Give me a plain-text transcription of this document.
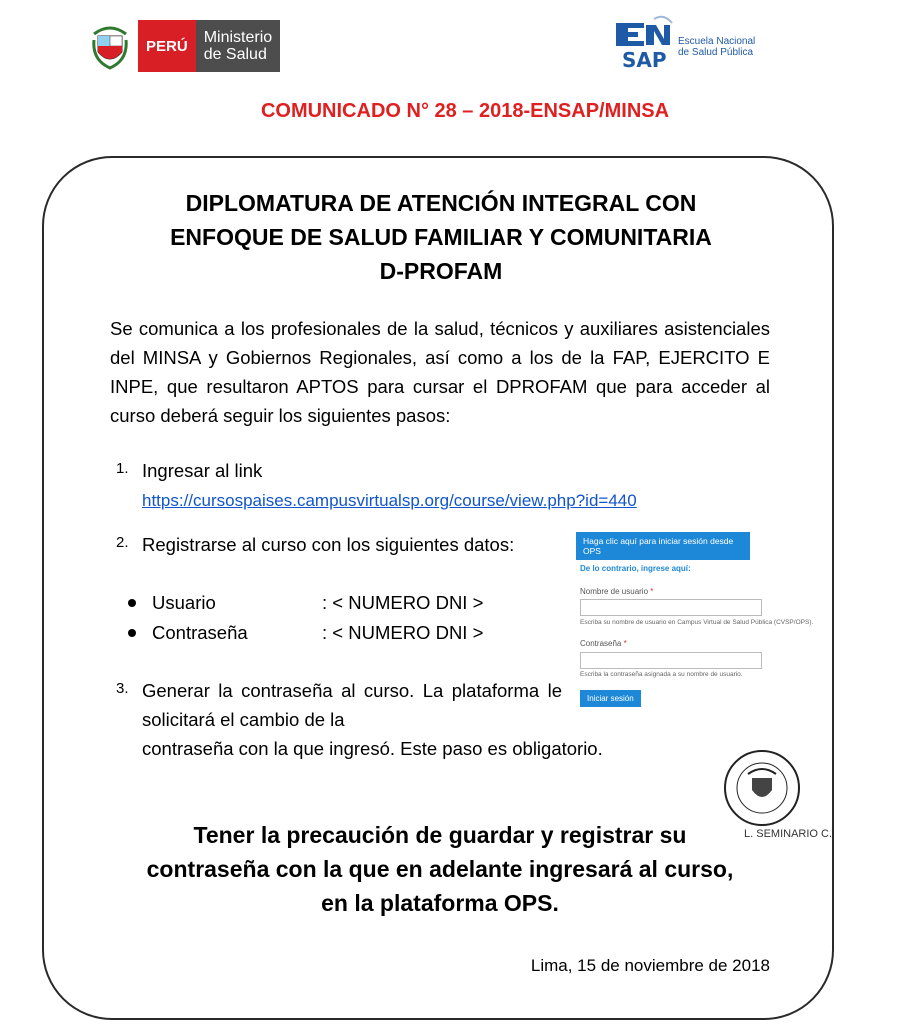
PERÚ	Ministerio
de Salud	SAP
Escuela Nacional
de Salud Pública
COMUNICADO N° 28 – 2018-ENSAP/MINSA
DIPLOMATURA DE ATENCIÓN INTEGRAL CON
ENFOQUE DE SALUD FAMILIAR Y COMUNITARIA
D-PROFAM
Se comunica a los profesionales de la salud, técnicos y auxiliares asistenciales del MINSA y Gobiernos Regionales, así como a los de la FAP, EJERCITO E INPE, que resultaron APTOS para cursar el DPROFAM que para acceder al curso deberá seguir los siguientes pasos:
1. Ingresar al link
https://cursospaises.campusvirtualsp.org/course/view.php?id=440
2. Registrarse al curso con los siguientes datos:
Usuario	: < NUMERO DNI >
Contraseña	: < NUMERO DNI >
3. Generar la contraseña al curso. La plataforma le solicitará el cambio de la
contraseña con la que ingresó. Este paso es obligatorio.
Haga clic aquí para iniciar sesión desde OPS
De lo contrario, ingrese aquí:
Nombre de usuario *
Escriba su nombre de usuario en Campus Virtual de Salud Pública (CVSP/OPS).
Contraseña *
Escriba la contraseña asignada a su nombre de usuario.
Iniciar sesión
L. SEMINARIO C.
Tener la precaución de guardar y registrar su
contraseña con la que en adelante ingresará al curso,
en la plataforma OPS.
Lima, 15 de noviembre de 2018
